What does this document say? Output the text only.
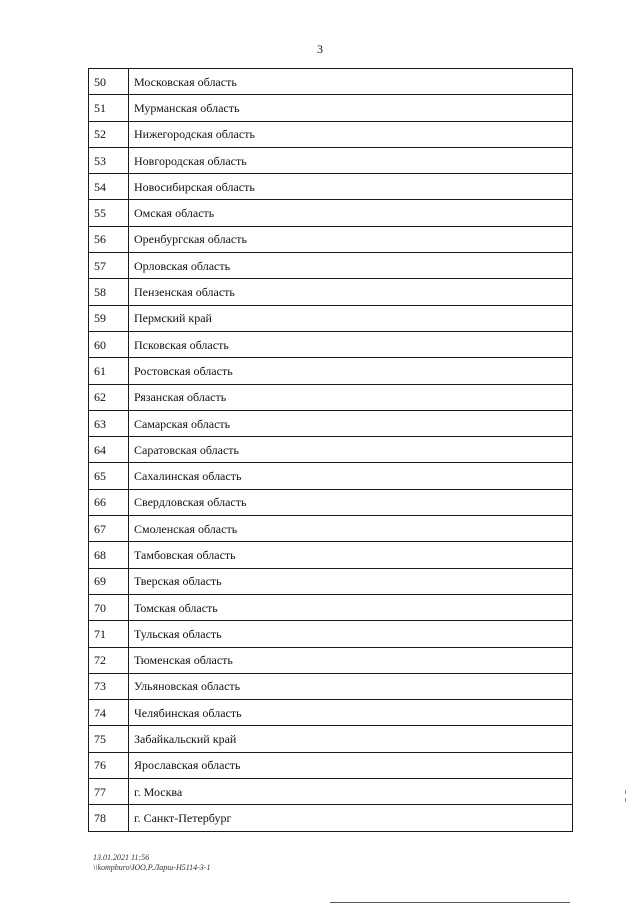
3
50	Московская область
51	Мурманская область
52	Нижегородская область
53	Новгородская область
54	Новосибирская область
55	Омская область
56	Оренбургская область
57	Орловская область
58	Пензенская область
59	Пермский край
60	Псковская область
61	Ростовская область
62	Рязанская область
63	Самарская область
64	Саратовская область
65	Сахалинская область
66	Свердловская область
67	Смоленская область
68	Тамбовская область
69	Тверская область
70	Томская область
71	Тульская область
72	Тюменская область
73	Ульяновская область
74	Челябинская область
75	Забайкальский край
76	Ярославская область
77	г. Москва
78	г. Санкт-Петербург
13.01.2021 11:56
\\kompburo\ЮО.Р.Ларш-Н5114-3-1
